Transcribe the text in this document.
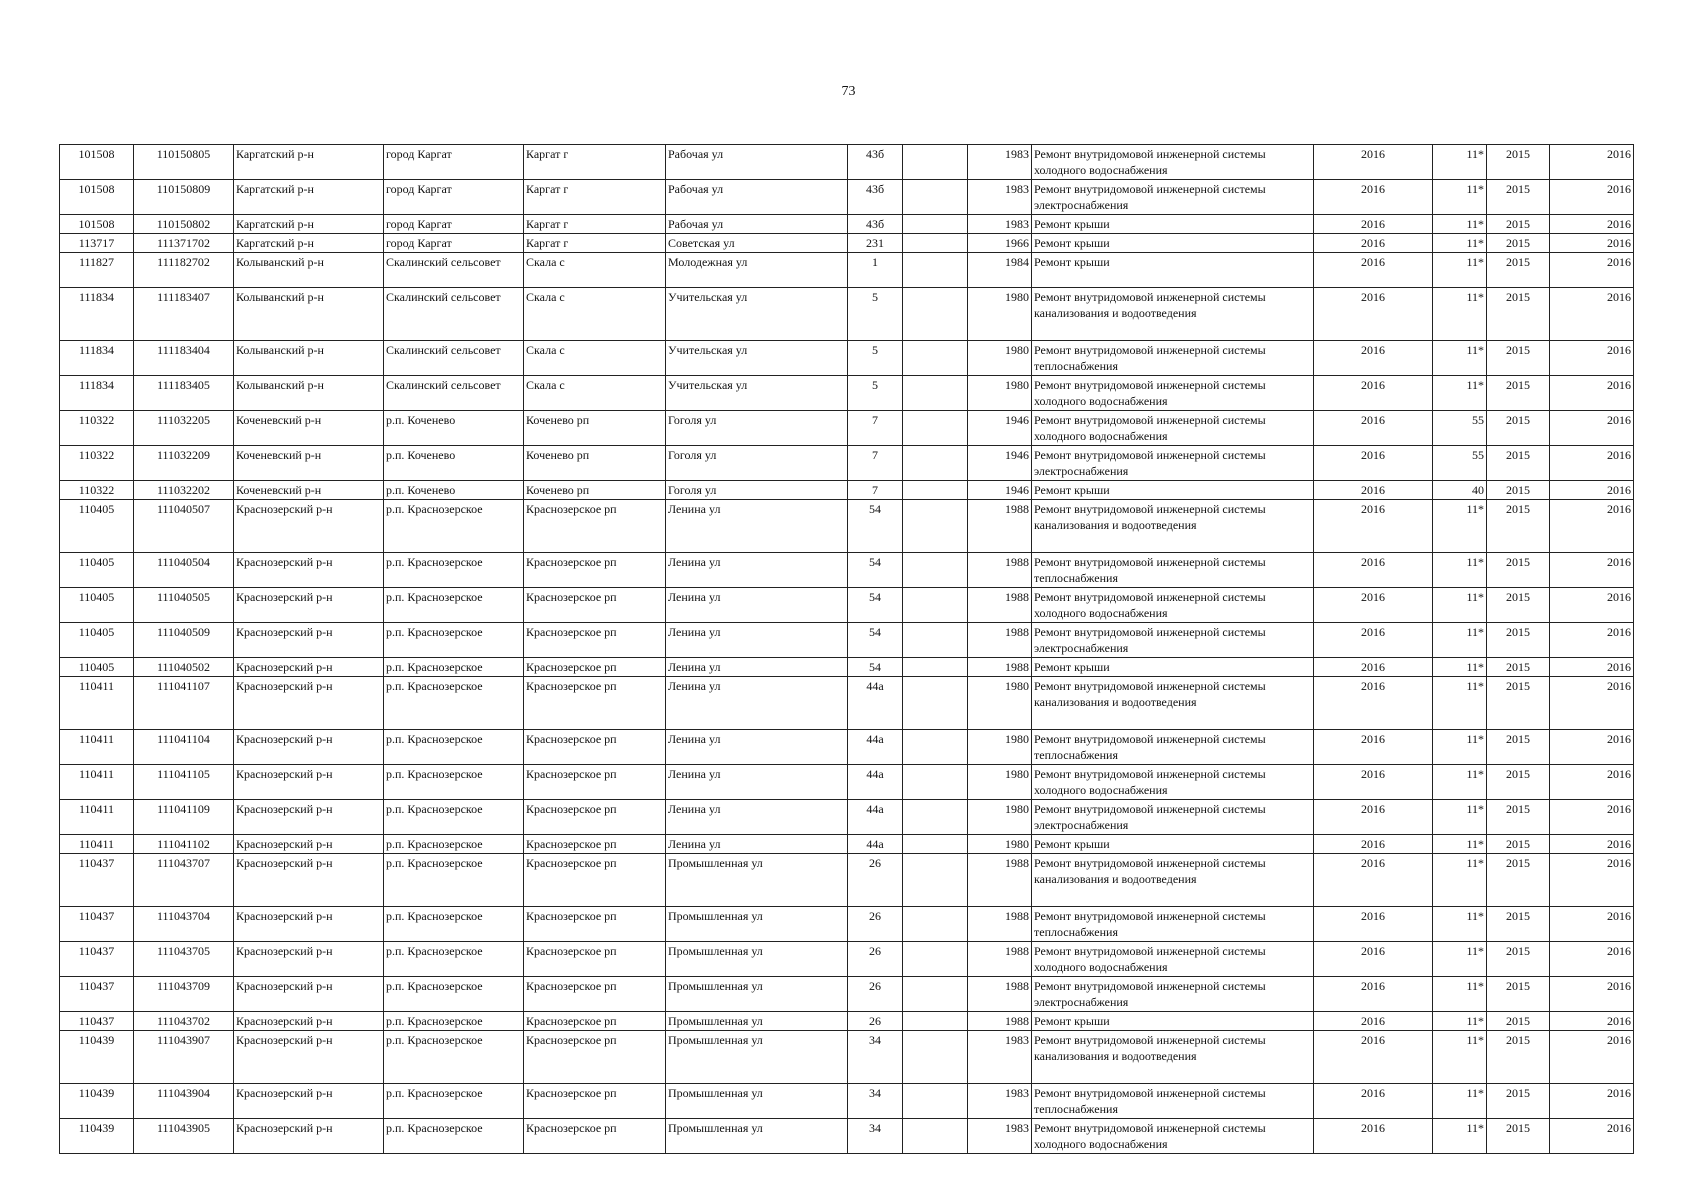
73
101508	110150805	Каргатский р-н	город Каргат	Каргат г	Рабочая ул	43б		1983	Ремонт внутридомовой инженерной системы холодного водоснабжения	2016	11*	2015	2016
101508	110150809	Каргатский р-н	город Каргат	Каргат г	Рабочая ул	43б		1983	Ремонт внутридомовой инженерной системы электроснабжения	2016	11*	2015	2016
101508	110150802	Каргатский р-н	город Каргат	Каргат г	Рабочая ул	43б		1983	Ремонт крыши	2016	11*	2015	2016
113717	111371702	Каргатский р-н	город Каргат	Каргат г	Советская ул	231		1966	Ремонт крыши	2016	11*	2015	2016
111827	111182702	Колыванский р-н	Скалинский сельсовет	Скала с	Молодежная ул	1		1984	Ремонт крыши	2016	11*	2015	2016
111834	111183407	Колыванский р-н	Скалинский сельсовет	Скала с	Учительская ул	5		1980	Ремонт внутридомовой инженерной системы канализования и водоотведения	2016	11*	2015	2016
111834	111183404	Колыванский р-н	Скалинский сельсовет	Скала с	Учительская ул	5		1980	Ремонт внутридомовой инженерной системы теплоснабжения	2016	11*	2015	2016
111834	111183405	Колыванский р-н	Скалинский сельсовет	Скала с	Учительская ул	5		1980	Ремонт внутридомовой инженерной системы холодного водоснабжения	2016	11*	2015	2016
110322	111032205	Коченевский р-н	р.п. Коченево	Коченево рп	Гоголя ул	7		1946	Ремонт внутридомовой инженерной системы холодного водоснабжения	2016	55	2015	2016
110322	111032209	Коченевский р-н	р.п. Коченево	Коченево рп	Гоголя ул	7		1946	Ремонт внутридомовой инженерной системы электроснабжения	2016	55	2015	2016
110322	111032202	Коченевский р-н	р.п. Коченево	Коченево рп	Гоголя ул	7		1946	Ремонт крыши	2016	40	2015	2016
110405	111040507	Краснозерский р-н	р.п. Краснозерское	Краснозерское рп	Ленина ул	54		1988	Ремонт внутридомовой инженерной системы канализования и водоотведения	2016	11*	2015	2016
110405	111040504	Краснозерский р-н	р.п. Краснозерское	Краснозерское рп	Ленина ул	54		1988	Ремонт внутридомовой инженерной системы теплоснабжения	2016	11*	2015	2016
110405	111040505	Краснозерский р-н	р.п. Краснозерское	Краснозерское рп	Ленина ул	54		1988	Ремонт внутридомовой инженерной системы холодного водоснабжения	2016	11*	2015	2016
110405	111040509	Краснозерский р-н	р.п. Краснозерское	Краснозерское рп	Ленина ул	54		1988	Ремонт внутридомовой инженерной системы электроснабжения	2016	11*	2015	2016
110405	111040502	Краснозерский р-н	р.п. Краснозерское	Краснозерское рп	Ленина ул	54		1988	Ремонт крыши	2016	11*	2015	2016
110411	111041107	Краснозерский р-н	р.п. Краснозерское	Краснозерское рп	Ленина ул	44а		1980	Ремонт внутридомовой инженерной системы канализования и водоотведения	2016	11*	2015	2016
110411	111041104	Краснозерский р-н	р.п. Краснозерское	Краснозерское рп	Ленина ул	44а		1980	Ремонт внутридомовой инженерной системы теплоснабжения	2016	11*	2015	2016
110411	111041105	Краснозерский р-н	р.п. Краснозерское	Краснозерское рп	Ленина ул	44а		1980	Ремонт внутридомовой инженерной системы холодного водоснабжения	2016	11*	2015	2016
110411	111041109	Краснозерский р-н	р.п. Краснозерское	Краснозерское рп	Ленина ул	44а		1980	Ремонт внутридомовой инженерной системы электроснабжения	2016	11*	2015	2016
110411	111041102	Краснозерский р-н	р.п. Краснозерское	Краснозерское рп	Ленина ул	44а		1980	Ремонт крыши	2016	11*	2015	2016
110437	111043707	Краснозерский р-н	р.п. Краснозерское	Краснозерское рп	Промышленная ул	26		1988	Ремонт внутридомовой инженерной системы канализования и водоотведения	2016	11*	2015	2016
110437	111043704	Краснозерский р-н	р.п. Краснозерское	Краснозерское рп	Промышленная ул	26		1988	Ремонт внутридомовой инженерной системы теплоснабжения	2016	11*	2015	2016
110437	111043705	Краснозерский р-н	р.п. Краснозерское	Краснозерское рп	Промышленная ул	26		1988	Ремонт внутридомовой инженерной системы холодного водоснабжения	2016	11*	2015	2016
110437	111043709	Краснозерский р-н	р.п. Краснозерское	Краснозерское рп	Промышленная ул	26		1988	Ремонт внутридомовой инженерной системы электроснабжения	2016	11*	2015	2016
110437	111043702	Краснозерский р-н	р.п. Краснозерское	Краснозерское рп	Промышленная ул	26		1988	Ремонт крыши	2016	11*	2015	2016
110439	111043907	Краснозерский р-н	р.п. Краснозерское	Краснозерское рп	Промышленная ул	34		1983	Ремонт внутридомовой инженерной системы канализования и водоотведения	2016	11*	2015	2016
110439	111043904	Краснозерский р-н	р.п. Краснозерское	Краснозерское рп	Промышленная ул	34		1983	Ремонт внутридомовой инженерной системы теплоснабжения	2016	11*	2015	2016
110439	111043905	Краснозерский р-н	р.п. Краснозерское	Краснозерское рп	Промышленная ул	34		1983	Ремонт внутридомовой инженерной системы холодного водоснабжения	2016	11*	2015	2016
